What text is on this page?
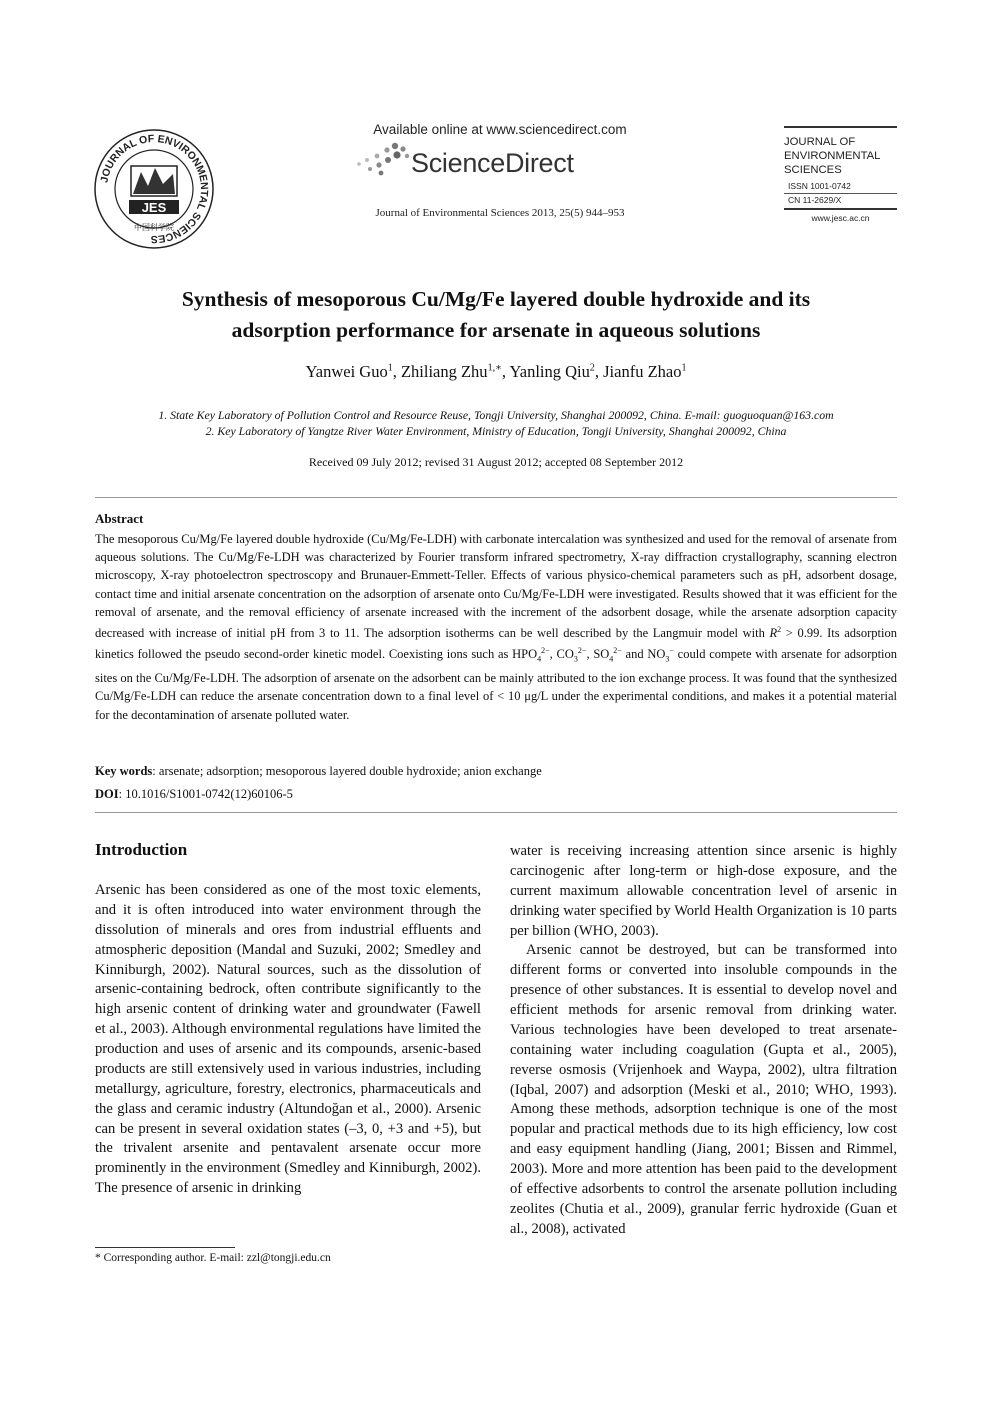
JOURNAL OF ENVIRONMENTAL SCIENCES
JES
中国科学院
Available online at www.sciencedirect.com
ScienceDirect
Journal of Environmental Sciences 2013, 25(5) 944–953
JOURNAL OF
ENVIRONMENTAL
SCIENCES
ISSN 1001-0742
CN 11-2629/X
www.jesc.ac.cn
Synthesis of mesoporous Cu/Mg/Fe layered double hydroxide and its
adsorption performance for arsenate in aqueous solutions
Yanwei Guo$^1$, Zhiliang Zhu$^{1,∗}$, Yanling Qiu$^2$, Jianfu Zhao$^1$
1. State Key Laboratory of Pollution Control and Resource Reuse, Tongji University, Shanghai 200092, China. E-mail: guoguoquan@163.com
2. Key Laboratory of Yangtze River Water Environment, Ministry of Education, Tongji University, Shanghai 200092, China
Received 09 July 2012; revised 31 August 2012; accepted 08 September 2012
Abstract
The mesoporous Cu/Mg/Fe layered double hydroxide (Cu/Mg/Fe-LDH) with carbonate intercalation was synthesized and used for the removal of arsenate from aqueous solutions. The Cu/Mg/Fe-LDH was characterized by Fourier transform infrared spectrometry, X-ray diffraction crystallography, scanning electron microscopy, X-ray photoelectron spectroscopy and Brunauer-Emmett-Teller. Effects of various physico-chemical parameters such as pH, adsorbent dosage, contact time and initial arsenate concentration on the adsorption of arsenate onto Cu/Mg/Fe-LDH were investigated. Results showed that it was efficient for the removal of arsenate, and the removal efficiency of arsenate increased with the increment of the adsorbent dosage, while the arsenate adsorption capacity decreased with increase of initial pH from 3 to 11. The adsorption isotherms can be well described by the Langmuir model with $R^2 > 0.99$. Its adsorption kinetics followed the pseudo second-order kinetic model. Coexisting ions such as $HPO_4^{2-}$, $CO_3^{2-}$, $SO_4^{2-}$ and $NO_3^-$ could compete with arsenate for adsorption sites on the Cu/Mg/Fe-LDH. The adsorption of arsenate on the adsorbent can be mainly attributed to the ion exchange process. It was found that the synthesized Cu/Mg/Fe-LDH can reduce the arsenate concentration down to a final level of < 10 μg/L under the experimental conditions, and makes it a potential material for the decontamination of arsenate polluted water.
Key words: arsenate; adsorption; mesoporous layered double hydroxide; anion exchange
DOI: 10.1016/S1001-0742(12)60106-5
Introduction
Arsenic has been considered as one of the most toxic elements, and it is often introduced into water environment through the dissolution of minerals and ores from industrial effluents and atmospheric deposition (Mandal and Suzuki, 2002; Smedley and Kinniburgh, 2002). Natural sources, such as the dissolution of arsenic-containing bedrock, often contribute significantly to the high arsenic content of drinking water and groundwater (Fawell et al., 2003). Although environmental regulations have limited the production and uses of arsenic and its compounds, arsenic-based products are still extensively used in various industries, including metallurgy, agriculture, forestry, electronics, pharmaceuticals and the glass and ceramic industry (Altundoğan et al., 2000). Arsenic can be present in several oxidation states (–3, 0, +3 and +5), but the trivalent arsenite and pentavalent arsenate occur more prominently in the environment (Smedley and Kinniburgh, 2002). The presence of arsenic in drinking

water is receiving increasing attention since arsenic is highly carcinogenic after long-term or high-dose exposure, and the current maximum allowable concentration level of arsenic in drinking water specified by World Health Organization is 10 parts per billion (WHO, 2003).

Arsenic cannot be destroyed, but can be transformed into different forms or converted into insoluble compounds in the presence of other substances. It is essential to develop novel and efficient methods for arsenic removal from drinking water. Various technologies have been developed to treat arsenate-containing water including coagulation (Gupta et al., 2005), reverse osmosis (Vrijenhoek and Waypa, 2002), ultra filtration (Iqbal, 2007) and adsorption (Meski et al., 2010; WHO, 1993). Among these methods, adsorption technique is one of the most popular and practical methods due to its high efficiency, low cost and easy equipment handling (Jiang, 2001; Bissen and Rimmel, 2003). More and more attention has been paid to the development of effective adsorbents to control the arsenate pollution including zeolites (Chutia et al., 2009), granular ferric hydroxide (Guan et al., 2008), activated

* Corresponding author. E-mail: zzl@tongji.edu.cn
